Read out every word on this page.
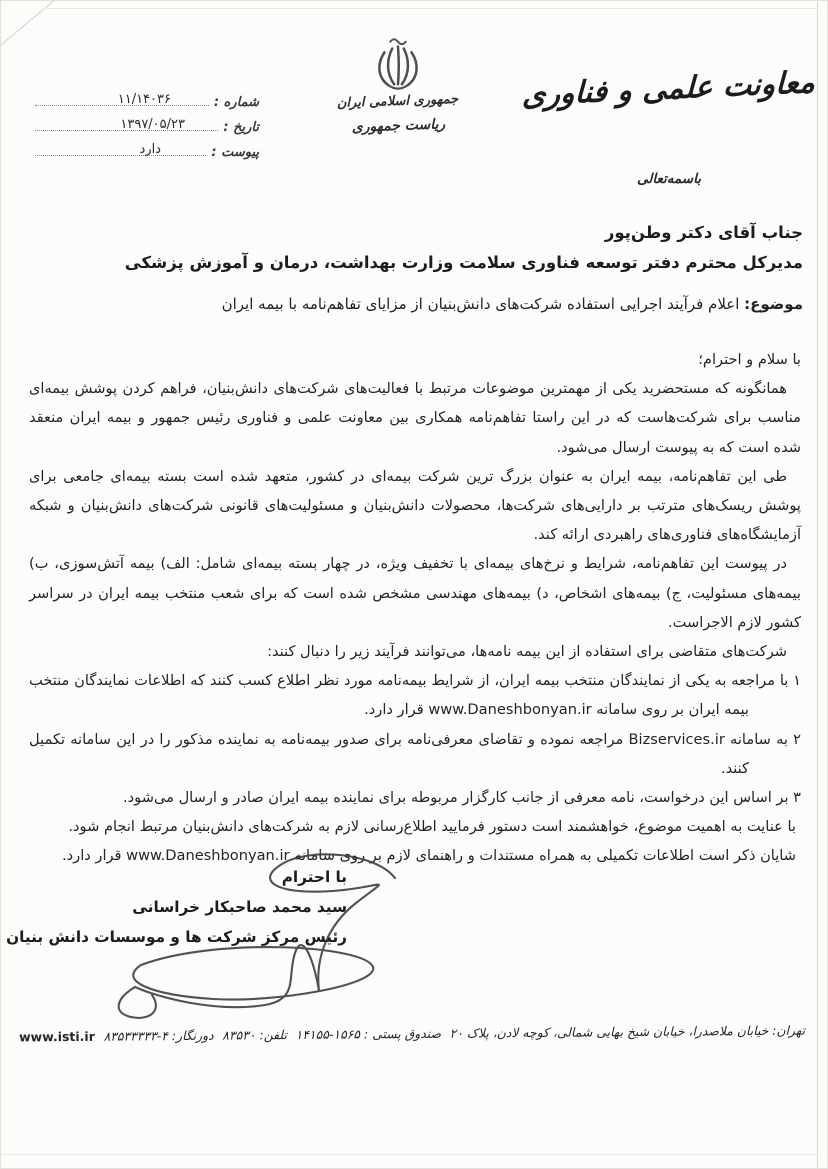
جمهوری اسلامی ایران
ریاست جمهوری
معاونت علمی و فناوری
شماره :
۱۱/۱۴۰۳۶
تاریخ :
۱۳۹۷/۰۵/۲۳
پیوست :
دارد
باسمه‌تعالی
جناب آقای دکتر وطن‌پور
مدیرکل محترم دفتر توسعه فناوری سلامت وزارت بهداشت، درمان و آموزش پزشکی
موضوع: اعلام فرآیند اجرایی استفاده شرکت‌های دانش‌بنیان از مزایای تفاهم‌نامه با بیمه ایران
با سلام و احترام؛
همانگونه که مستحضرید یکی از مهمترین موضوعات مرتبط با فعالیت‌های شرکت‌های دانش‌بنیان، فراهم کردن پوشش بیمه‌ای مناسب برای شرکت‌هاست که در این راستا تفاهم‌نامه همکاری بین معاونت علمی و فناوری رئیس جمهور و بیمه ایران منعقد شده است که به پیوست ارسال می‌شود.
طی این تفاهم‌نامه، بیمه ایران به عنوان بزرگ ترین شرکت بیمه‌ای در کشور، متعهد شده است بسته بیمه‌ای جامعی برای پوشش ریسک‌های مترتب بر دارایی‌های شرکت‌ها، محصولات دانش‌بنیان و مسئولیت‌های قانونی شرکت‌های دانش‌بنیان و شبکه آزمایشگاه‌های فناوری‌های راهبردی ارائه کند.
در پیوست این تفاهم‌نامه، شرایط و نرخ‌های بیمه‌ای با تخفیف ویژه، در چهار بسته بیمه‌ای شامل: الف) بیمه آتش‌سوزی، ب) بیمه‌های مسئولیت، ج) بیمه‌های اشخاص، د) بیمه‌های مهندسی مشخص شده است که برای شعب منتخب بیمه ایران در سراسر کشور لازم الاجراست.
شرکت‌های متقاضی برای استفاده از این بیمه نامه‌ها، می‌توانند فرآیند زیر را دنبال کنند:
۱ با مراجعه به یکی از نمایندگان منتخب بیمه ایران، از شرایط بیمه‌نامه مورد نظر اطلاع کسب کنند که اطلاعات نمایندگان منتخب بیمه ایران بر روی سامانه www.Daneshbonyan.ir قرار دارد.
۲ به سامانه Bizservices.ir مراجعه نموده و تقاضای معرفی‌نامه برای صدور بیمه‌نامه به نماینده مذکور را در این سامانه تکمیل کنند.
۳ بر اساس این درخواست، نامه معرفی از جانب کارگزار مربوطه برای نماینده بیمه ایران صادر و ارسال می‌شود.
با عنایت به اهمیت موضوع، خواهشمند است دستور فرمایید اطلاع‌رسانی لازم به شرکت‌های دانش‌بنیان مرتبط انجام شود.
شایان ذکر است اطلاعات تکمیلی به همراه مستندات و راهنمای لازم بر روی سامانه www.Daneshbonyan.ir قرار دارد.
با احترام
سید محمد صاحبکار خراسانی
رئیس مرکز شرکت ها و موسسات دانش بنیان
تهران: خیابان ملاصدرا، خیابان شیخ بهایی شمالی، کوچه لادن، پلاک ۲۰
صندوق پستی : ۱۵۶۵-۱۴۱۵۵
تلفن: ۸۳۵۳۰
دورنگار: ۴-۸۳۵۳۳۳۳۳
www.isti.ir
